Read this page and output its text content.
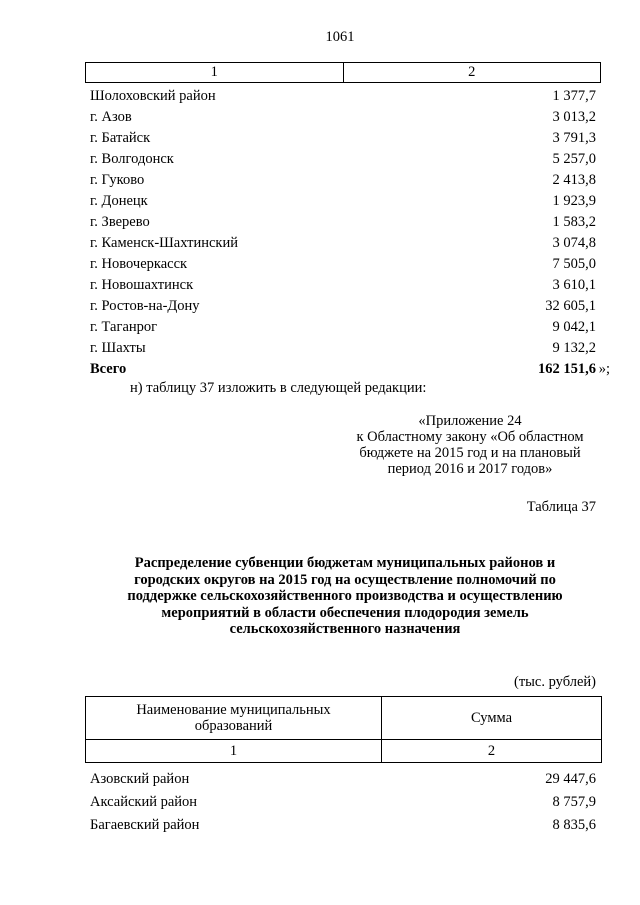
1061
1	2
Шолоховский район	1 377,7
г. Азов	3 013,2
г. Батайск	3 791,3
г. Волгодонск	5 257,0
г. Гуково	2 413,8
г. Донецк	1 923,9
г. Зверево	1 583,2
г. Каменск-Шахтинский	3 074,8
г. Новочеркасск	7 505,0
г. Новошахтинск	3 610,1
г. Ростов-на-Дону	32 605,1
г. Таганрог	9 042,1
г. Шахты	9 132,2
Всего	162 151,6 »;
н) таблицу 37 изложить в следующей редакции:
«Приложение 24
к Областному закону «Об областном
бюджете на 2015 год и на плановый
период 2016 и 2017 годов»
Таблица 37
Распределение субвенции бюджетам муниципальных районов и
городских округов на 2015 год на осуществление полномочий по
поддержке сельскохозяйственного производства и осуществлению
мероприятий в области обеспечения плодородия земель
сельскохозяйственного назначения
(тыс. рублей)
Наименование муниципальных
образований	Сумма
1	2
Азовский район	29 447,6
Аксайский район	8 757,9
Багаевский район	8 835,6
